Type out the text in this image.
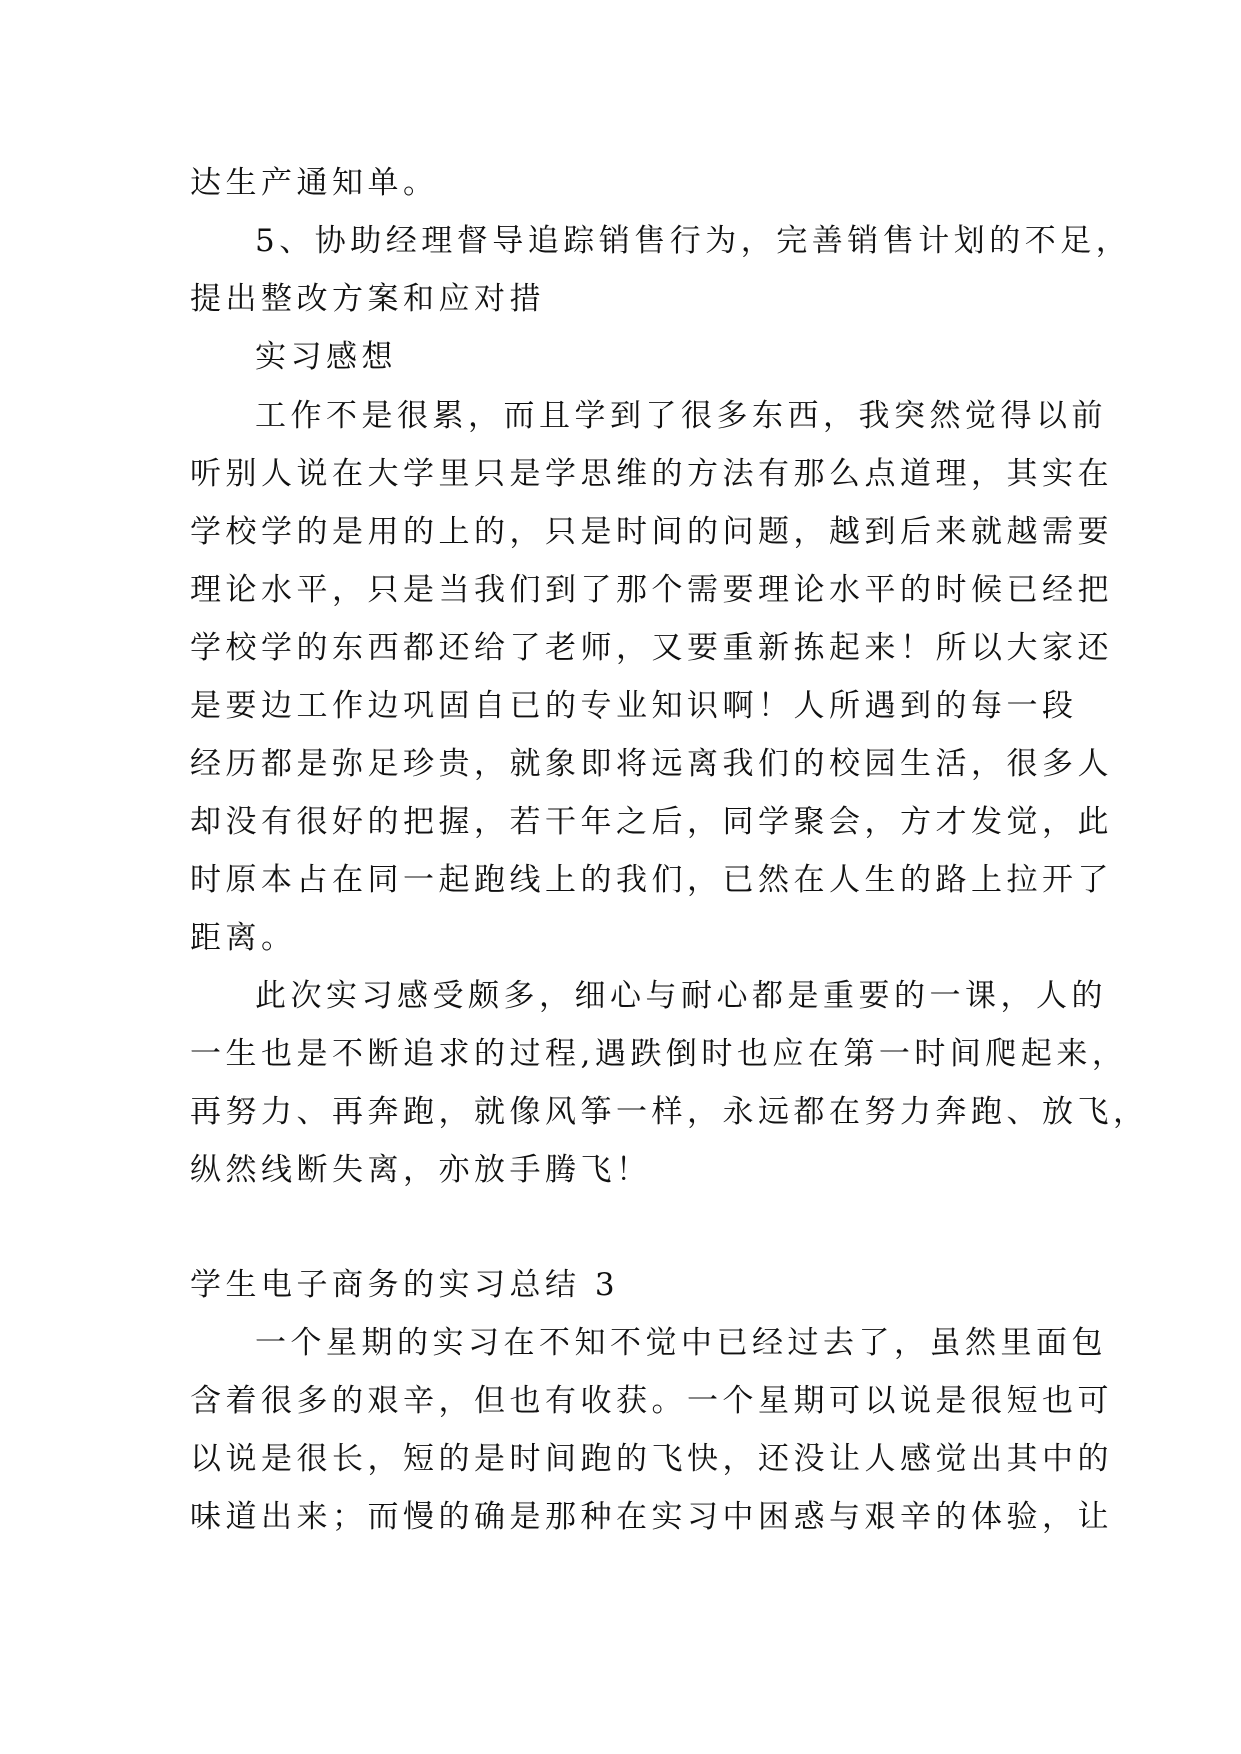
达生产通知单。

5、协助经理督导追踪销售行为，完善销售计划的不足，

提出整改方案和应对措

实习感想

工作不是很累，而且学到了很多东西，我突然觉得以前

听别人说在大学里只是学思维的方法有那么点道理，其实在

学校学的是用的上的，只是时间的问题，越到后来就越需要

理论水平，只是当我们到了那个需要理论水平的时候已经把

学校学的东西都还给了老师，又要重新拣起来！所以大家还

是要边工作边巩固自已的专业知识啊！人所遇到的每一段

经历都是弥足珍贵，就象即将远离我们的校园生活，很多人

却没有很好的把握，若干年之后，同学聚会，方才发觉，此

时原本占在同一起跑线上的我们，已然在人生的路上拉开了

距离。

此次实习感受颇多，细心与耐心都是重要的一课，人的

一生也是不断追求的过程,遇跌倒时也应在第一时间爬起来，

再努力、再奔跑，就像风筝一样，永远都在努力奔跑、放飞，

纵然线断失离，亦放手腾飞！

学生电子商务的实习总结 3

一个星期的实习在不知不觉中已经过去了，虽然里面包

含着很多的艰辛，但也有收获。一个星期可以说是很短也可

以说是很长，短的是时间跑的飞快，还没让人感觉出其中的

味道出来；而慢的确是那种在实习中困惑与艰辛的体验，让
